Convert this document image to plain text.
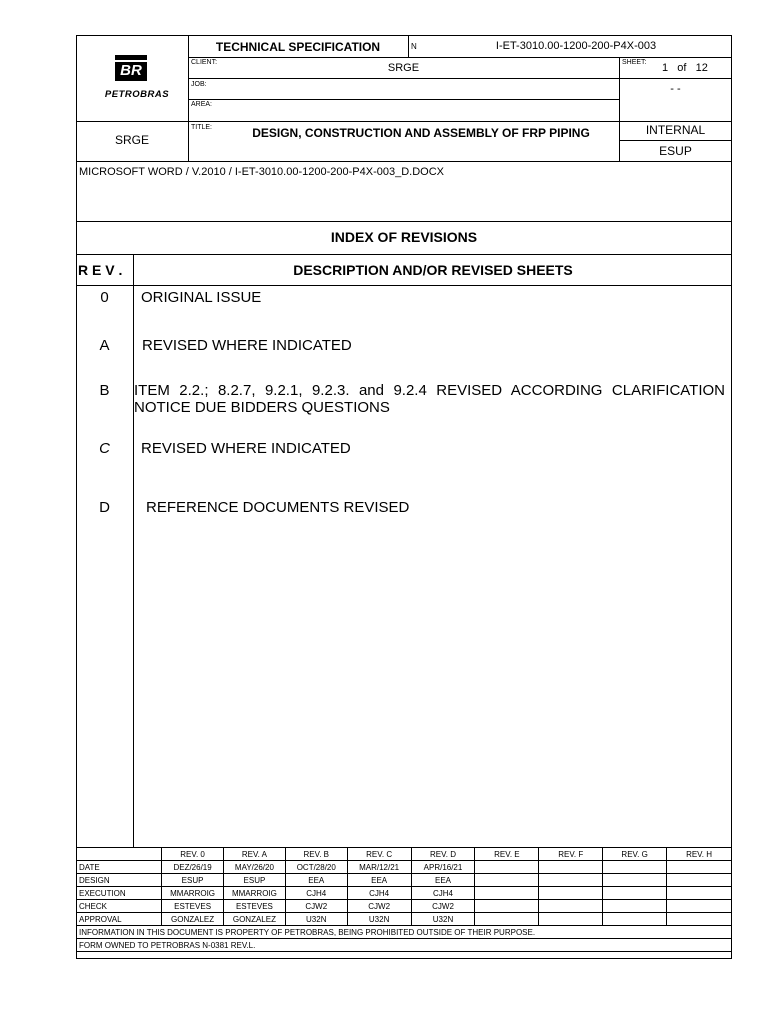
BR
PETROBRAS
TECHNICAL SPECIFICATION	N	I-ET-3010.00-1200-200-P4X-003
CLIENT:	SRGE	SHEET: 1   of   12
JOB:	- -
AREA:
SRGE
TITLE:	DESIGN, CONSTRUCTION AND ASSEMBLY OF FRP PIPING	INTERNAL
ESUP
MICROSOFT WORD / V.2010 / I-ET-3010.00-1200-200-P4X-003_D.DOCX
INDEX OF REVISIONS
R E V .	DESCRIPTION AND/OR REVISED SHEETS
0	ORIGINAL ISSUE
A	REVISED WHERE INDICATED
B	ITEM 2.2.; 8.2.7, 9.2.1, 9.2.3. and 9.2.4 REVISED ACCORDING CLARIFICATION NOTICE DUE BIDDERS QUESTIONS
C	REVISED WHERE INDICATED
D	REFERENCE DOCUMENTS REVISED
	REV. 0	REV. A	REV. B	REV. C	REV. D	REV. E	REV. F	REV. G	REV. H
DATE	DEZ/26/19	MAY/26/20	OCT/28/20	MAR/12/21	APR/16/21				
DESIGN	ESUP	ESUP	EEA	EEA	EEA				
EXECUTION	MMARROIG	MMARROIG	CJH4	CJH4	CJH4				
CHECK	ESTEVES	ESTEVES	CJW2	CJW2	CJW2				
APPROVAL	GONZALEZ	GONZALEZ	U32N	U32N	U32N				
INFORMATION IN THIS DOCUMENT IS PROPERTY OF PETROBRAS, BEING PROHIBITED OUTSIDE OF THEIR PURPOSE.									
FORM OWNED TO PETROBRAS N-0381 REV.L.									
